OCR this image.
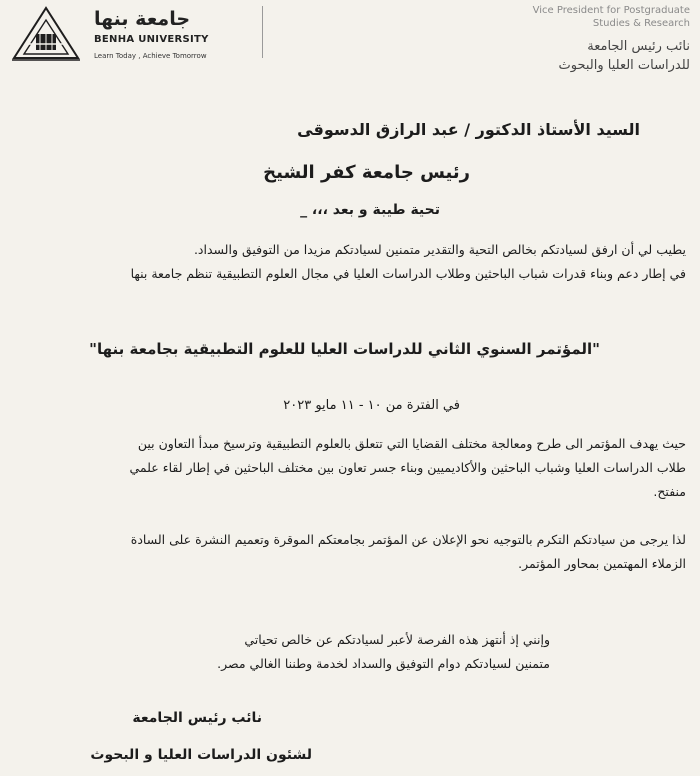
جامعة بنها
BENHA UNIVERSITY
Learn Today , Achieve Tomorrow
Vice President for Postgraduate
Studies & Research
نائب رئيس الجامعة
للدراسات العليا والبحوث
السيد الأستاذ الدكتور / عبد الرازق الدسوقى
رئيس جامعة كفر الشيخ
تحية طيبة و بعد ،،، _
يطيب لي أن ارفق لسيادتكم بخالص التحية والتقدير متمنين لسيادتكم مزيدا من التوفيق والسداد.
في إطار دعم وبناء قدرات شباب الباحثين وطلاب الدراسات العليا في مجال العلوم التطبيقية تنظم جامعة بنها
"المؤتمر السنوي الثاني للدراسات العليا للعلوم التطبيقية بجامعة بنها"
في الفترة من ١٠ - ١١ مايو ٢٠٢٣
حيث يهدف المؤتمر الى طرح ومعالجة مختلف القضايا التي تتعلق بالعلوم التطبيقية وترسيخ مبدأ التعاون بين
طلاب الدراسات العليا وشباب الباحثين والأكاديميين وبناء جسر تعاون بين مختلف الباحثين في إطار لقاء علمي
منفتح.
لذا يرجى من سيادتكم التكرم بالتوجيه نحو الإعلان عن المؤتمر بجامعتكم الموقرة وتعميم النشرة على السادة
الزملاء المهتمين بمحاور المؤتمر.
وإنني إذ أنتهز هذه الفرصة لأعبر لسيادتكم عن خالص تحياتي
متمنين لسيادتكم دوام التوفيق والسداد لخدمة وطننا الغالي مصر.
نائب رئيس الجامعة
لشئون الدراسات العليا و البحوث
